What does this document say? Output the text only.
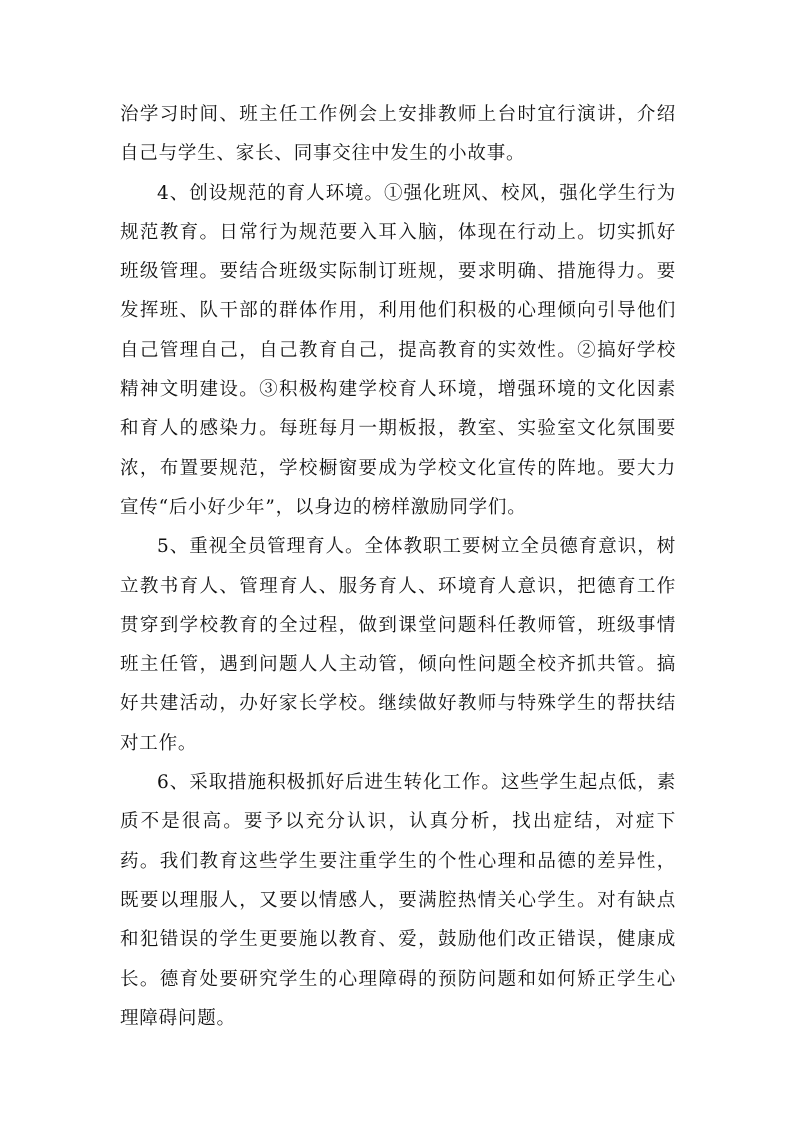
治学习时间、班主任工作例会上安排教师上台时宜行演讲，介绍自己与学生、家长、同事交往中发生的小故事。

4、创设规范的育人环境。①强化班风、校风，强化学生行为规范教育。日常行为规范要入耳入脑，体现在行动上。切实抓好班级管理。要结合班级实际制订班规，要求明确、措施得力。要发挥班、队干部的群体作用，利用他们积极的心理倾向引导他们自己管理自己，自己教育自己，提高教育的实效性。②搞好学校精神文明建设。③积极构建学校育人环境，增强环境的文化因素和育人的感染力。每班每月一期板报，教室、实验室文化氛围要浓，布置要规范，学校橱窗要成为学校文化宣传的阵地。要大力宣传“后小好少年”，以身边的榜样激励同学们。

5、重视全员管理育人。全体教职工要树立全员德育意识，树立教书育人、管理育人、服务育人、环境育人意识，把德育工作贯穿到学校教育的全过程，做到课堂问题科任教师管，班级事情班主任管，遇到问题人人主动管，倾向性问题全校齐抓共管。搞好共建活动，办好家长学校。继续做好教师与特殊学生的帮扶结对工作。

6、采取措施积极抓好后进生转化工作。这些学生起点低，素质不是很高。要予以充分认识，认真分析，找出症结，对症下药。我们教育这些学生要注重学生的个性心理和品德的差异性，既要以理服人，又要以情感人，要满腔热情关心学生。对有缺点和犯错误的学生更要施以教育、爱，鼓励他们改正错误，健康成长。德育处要研究学生的心理障碍的预防问题和如何矫正学生心理障碍问题。
